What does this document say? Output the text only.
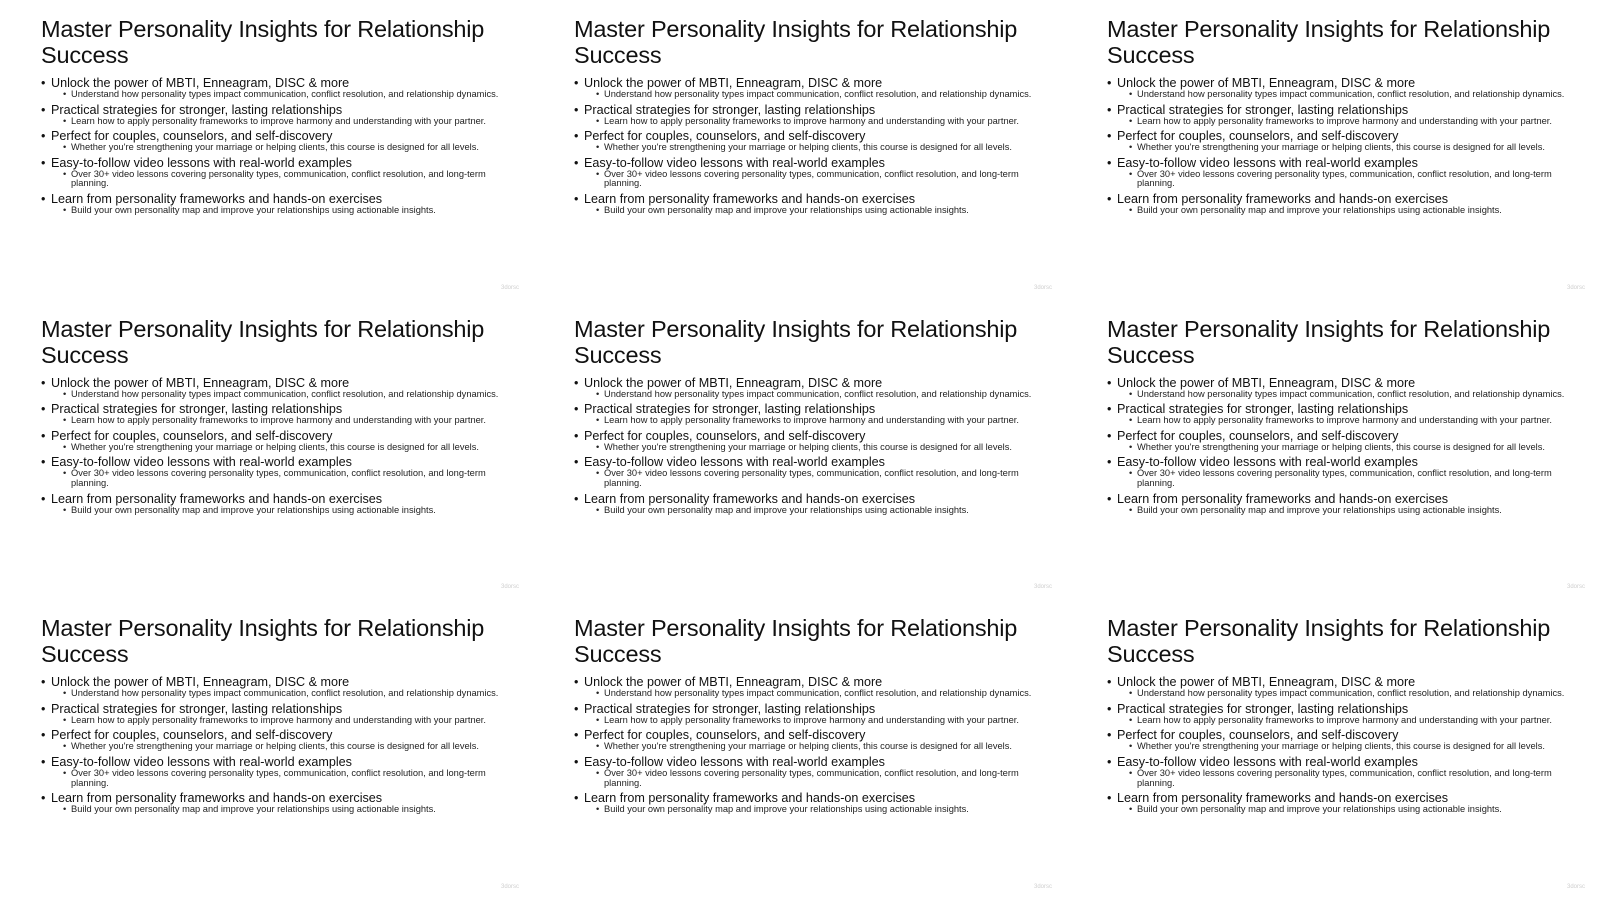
Master Personality Insights for Relationship Success
• Unlock the power of MBTI, Enneagram, DISC & more
• Understand how personality types impact communication, conflict resolution, and relationship dynamics.
• Practical strategies for stronger, lasting relationships
• Learn how to apply personality frameworks to improve harmony and understanding with your partner.
• Perfect for couples, counselors, and self-discovery
• Whether you're strengthening your marriage or helping clients, this course is designed for all levels.
• Easy-to-follow video lessons with real-world examples
• Over 30+ video lessons covering personality types, communication, conflict resolution, and long-term planning.
• Learn from personality frameworks and hands-on exercises
• Build your own personality map and improve your relationships using actionable insights.
3dorsc
Master Personality Insights for Relationship Success
• Unlock the power of MBTI, Enneagram, DISC & more
• Understand how personality types impact communication, conflict resolution, and relationship dynamics.
• Practical strategies for stronger, lasting relationships
• Learn how to apply personality frameworks to improve harmony and understanding with your partner.
• Perfect for couples, counselors, and self-discovery
• Whether you're strengthening your marriage or helping clients, this course is designed for all levels.
• Easy-to-follow video lessons with real-world examples
• Over 30+ video lessons covering personality types, communication, conflict resolution, and long-term planning.
• Learn from personality frameworks and hands-on exercises
• Build your own personality map and improve your relationships using actionable insights.
3dorsc
Master Personality Insights for Relationship Success
• Unlock the power of MBTI, Enneagram, DISC & more
• Understand how personality types impact communication, conflict resolution, and relationship dynamics.
• Practical strategies for stronger, lasting relationships
• Learn how to apply personality frameworks to improve harmony and understanding with your partner.
• Perfect for couples, counselors, and self-discovery
• Whether you're strengthening your marriage or helping clients, this course is designed for all levels.
• Easy-to-follow video lessons with real-world examples
• Over 30+ video lessons covering personality types, communication, conflict resolution, and long-term planning.
• Learn from personality frameworks and hands-on exercises
• Build your own personality map and improve your relationships using actionable insights.
3dorsc
Master Personality Insights for Relationship Success
• Unlock the power of MBTI, Enneagram, DISC & more
• Understand how personality types impact communication, conflict resolution, and relationship dynamics.
• Practical strategies for stronger, lasting relationships
• Learn how to apply personality frameworks to improve harmony and understanding with your partner.
• Perfect for couples, counselors, and self-discovery
• Whether you're strengthening your marriage or helping clients, this course is designed for all levels.
• Easy-to-follow video lessons with real-world examples
• Over 30+ video lessons covering personality types, communication, conflict resolution, and long-term planning.
• Learn from personality frameworks and hands-on exercises
• Build your own personality map and improve your relationships using actionable insights.
3dorsc
Master Personality Insights for Relationship Success
• Unlock the power of MBTI, Enneagram, DISC & more
• Understand how personality types impact communication, conflict resolution, and relationship dynamics.
• Practical strategies for stronger, lasting relationships
• Learn how to apply personality frameworks to improve harmony and understanding with your partner.
• Perfect for couples, counselors, and self-discovery
• Whether you're strengthening your marriage or helping clients, this course is designed for all levels.
• Easy-to-follow video lessons with real-world examples
• Over 30+ video lessons covering personality types, communication, conflict resolution, and long-term planning.
• Learn from personality frameworks and hands-on exercises
• Build your own personality map and improve your relationships using actionable insights.
3dorsc
Master Personality Insights for Relationship Success
• Unlock the power of MBTI, Enneagram, DISC & more
• Understand how personality types impact communication, conflict resolution, and relationship dynamics.
• Practical strategies for stronger, lasting relationships
• Learn how to apply personality frameworks to improve harmony and understanding with your partner.
• Perfect for couples, counselors, and self-discovery
• Whether you're strengthening your marriage or helping clients, this course is designed for all levels.
• Easy-to-follow video lessons with real-world examples
• Over 30+ video lessons covering personality types, communication, conflict resolution, and long-term planning.
• Learn from personality frameworks and hands-on exercises
• Build your own personality map and improve your relationships using actionable insights.
3dorsc
Master Personality Insights for Relationship Success
• Unlock the power of MBTI, Enneagram, DISC & more
• Understand how personality types impact communication, conflict resolution, and relationship dynamics.
• Practical strategies for stronger, lasting relationships
• Learn how to apply personality frameworks to improve harmony and understanding with your partner.
• Perfect for couples, counselors, and self-discovery
• Whether you're strengthening your marriage or helping clients, this course is designed for all levels.
• Easy-to-follow video lessons with real-world examples
• Over 30+ video lessons covering personality types, communication, conflict resolution, and long-term planning.
• Learn from personality frameworks and hands-on exercises
• Build your own personality map and improve your relationships using actionable insights.
3dorsc
Master Personality Insights for Relationship Success
• Unlock the power of MBTI, Enneagram, DISC & more
• Understand how personality types impact communication, conflict resolution, and relationship dynamics.
• Practical strategies for stronger, lasting relationships
• Learn how to apply personality frameworks to improve harmony and understanding with your partner.
• Perfect for couples, counselors, and self-discovery
• Whether you're strengthening your marriage or helping clients, this course is designed for all levels.
• Easy-to-follow video lessons with real-world examples
• Over 30+ video lessons covering personality types, communication, conflict resolution, and long-term planning.
• Learn from personality frameworks and hands-on exercises
• Build your own personality map and improve your relationships using actionable insights.
3dorsc
Master Personality Insights for Relationship Success
• Unlock the power of MBTI, Enneagram, DISC & more
• Understand how personality types impact communication, conflict resolution, and relationship dynamics.
• Practical strategies for stronger, lasting relationships
• Learn how to apply personality frameworks to improve harmony and understanding with your partner.
• Perfect for couples, counselors, and self-discovery
• Whether you're strengthening your marriage or helping clients, this course is designed for all levels.
• Easy-to-follow video lessons with real-world examples
• Over 30+ video lessons covering personality types, communication, conflict resolution, and long-term planning.
• Learn from personality frameworks and hands-on exercises
• Build your own personality map and improve your relationships using actionable insights.
3dorsc
